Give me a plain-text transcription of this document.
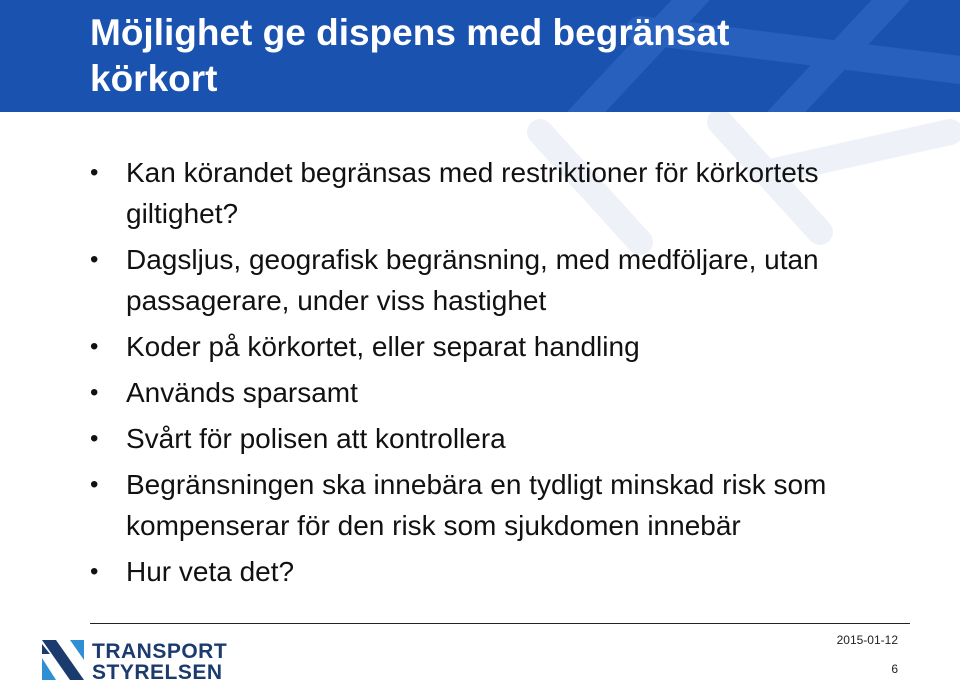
Möjlighet ge dispens med begränsat körkort
• Kan körandet begränsas med restriktioner för körkortets giltighet?
• Dagsljus, geografisk begränsning, med medföljare, utan passagerare, under viss hastighet
• Koder på körkortet, eller separat handling
• Används sparsamt
• Svårt för polisen att kontrollera
• Begränsningen ska innebära en tydligt minskad risk som kompenserar för den risk som sjukdomen innebär
• Hur veta det?
TRANSPORT
STYRELSEN
2015-01-12
6
